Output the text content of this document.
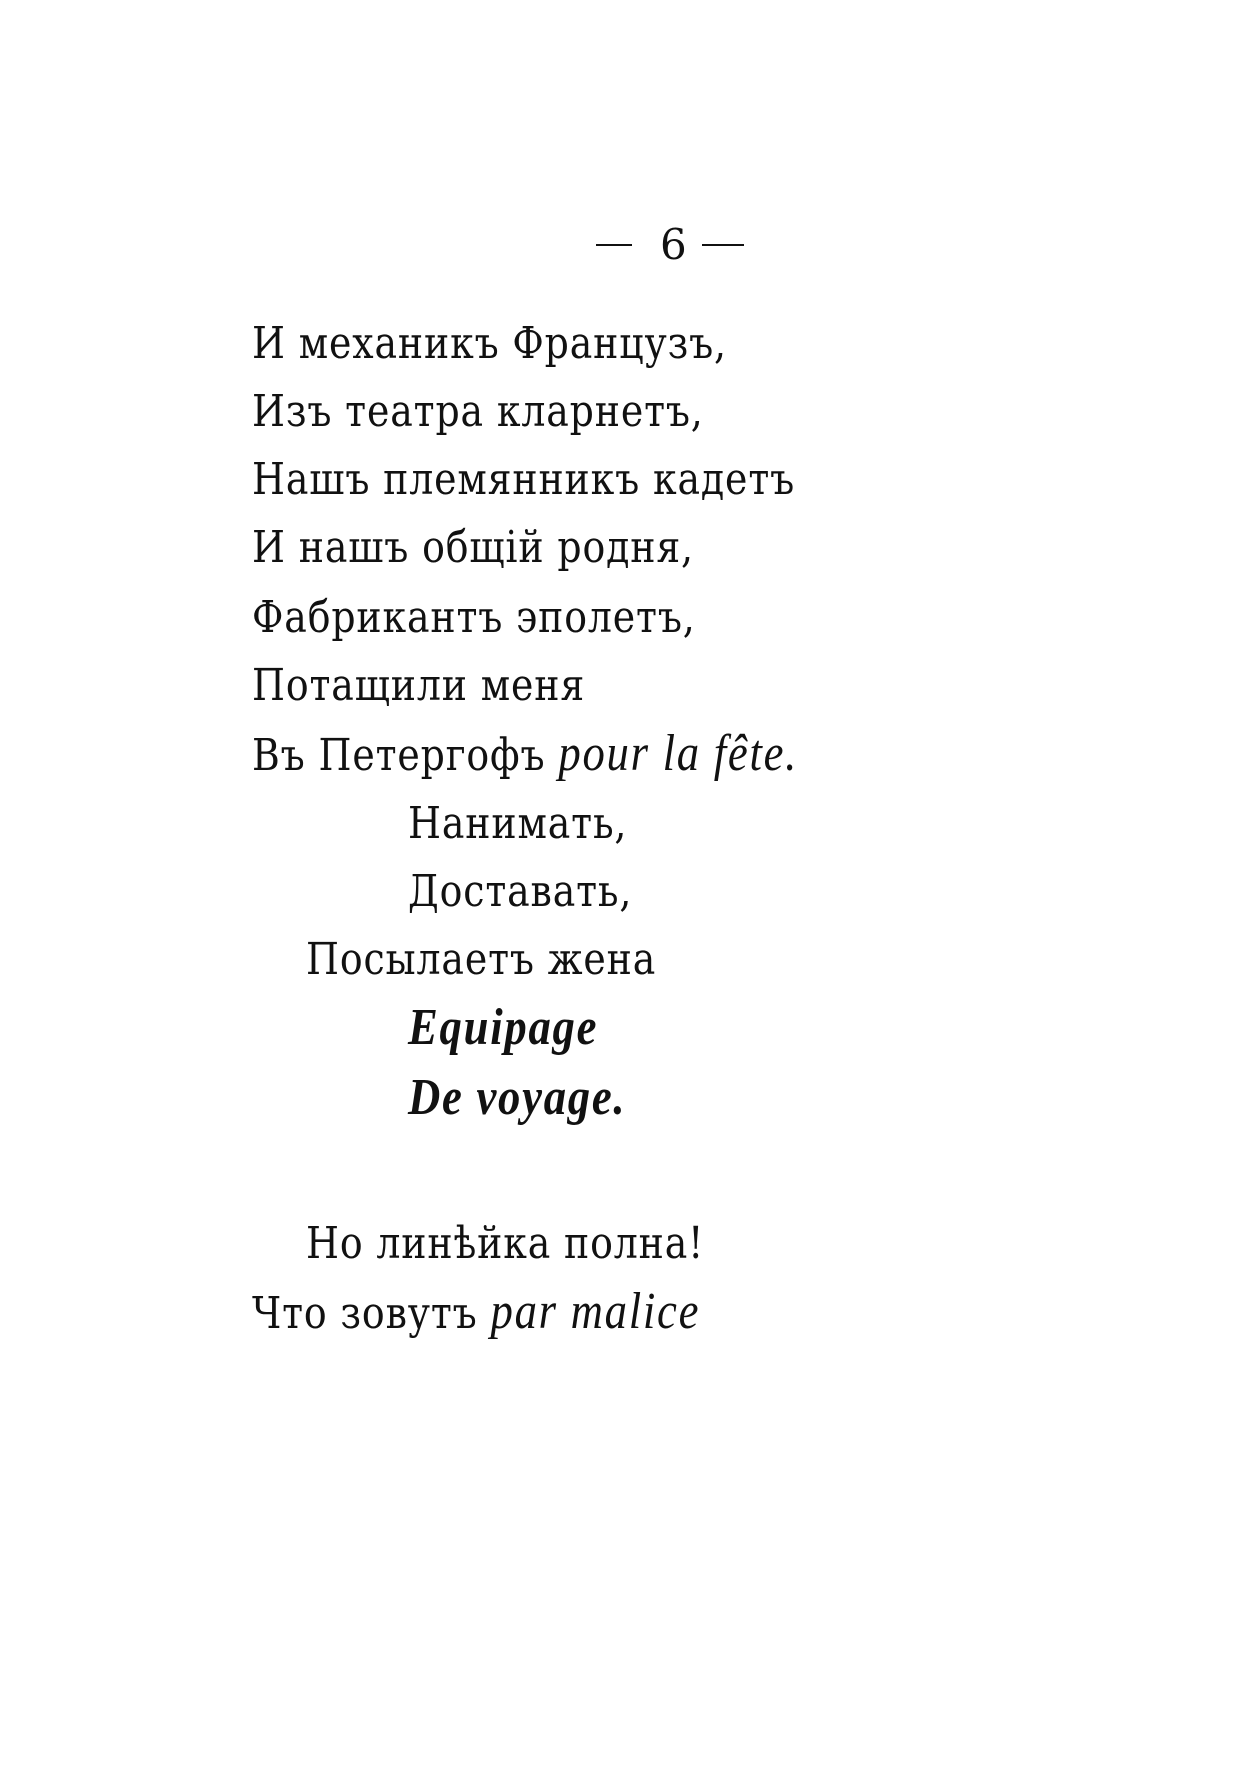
6
И механикъ Французъ,
Изъ театра кларнетъ,
Нашъ племянникъ кадетъ
И нашъ общій родня,
Фабрикантъ эполетъ,
Потащили меня
Въ Петергофъ pour la fête.
Нанимать,
Доставать,
Посылаетъ жена
Equipage
De voyage.
Но линѣйка полна!
Что зовутъ par malice
